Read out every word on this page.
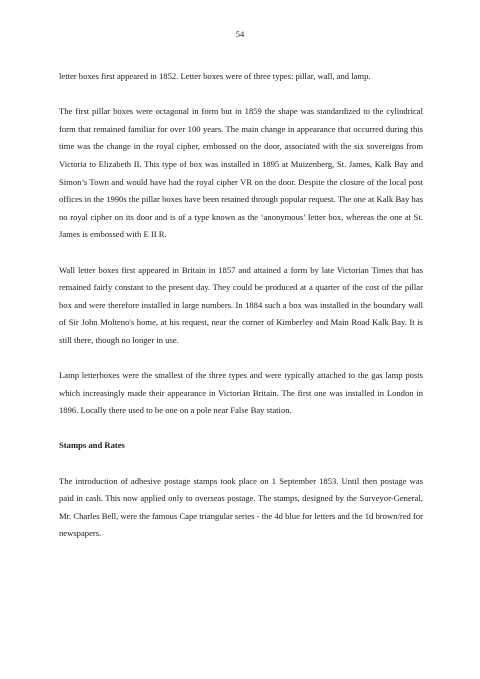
54

letter boxes first appeared in 1852. Letter boxes were of three types: pillar, wall, and lamp.

The first pillar boxes were octagonal in form but in 1859 the shape was standardized to the cylindrical form that remained familiar for over 100 years. The main change in appearance that occurred during this time was the change in the royal cipher, embossed on the door, associated with the six sovereigns from Victoria to Elizabeth II. This type of box was installed in 1895 at Muizenberg, St. James, Kalk Bay and Simon’s Town and would have had the royal cipher VR on the door. Despite the closure of the local post offices in the 1990s the pillar boxes have been retained through popular request. The one at Kalk Bay has no royal cipher on its door and is of a type known as the ‘anonymous’ letter box, whereas the one at St. James is embossed with E II R.

Wall letter boxes first appeared in Britain in 1857 and attained a form by late Victorian Times that has remained fairly constant to the present day. They could be produced at a quarter of the cost of the pillar box and were therefore installed in large numbers. In 1884 such a box was installed in the boundary wall of Sir John Molteno's home, at his request, near the corner of Kimberley and Main Road Kalk Bay. It is still there, though no longer in use.

Lamp letterboxes were the smallest of the three types and were typically attached to the gas lamp posts which increasingly made their appearance in Victorian Britain. The first one was installed in London in 1896. Locally there used to be one on a pole near False Bay station.

Stamps and Rates

The introduction of adhesive postage stamps took place on 1 September 1853. Until then postage was paid in cash. This now applied only to overseas postage. The stamps, designed by the Surveyor-General, Mr. Charles Bell, were the famous Cape triangular series - the 4d blue for letters and the 1d brown/red for newspapers.
